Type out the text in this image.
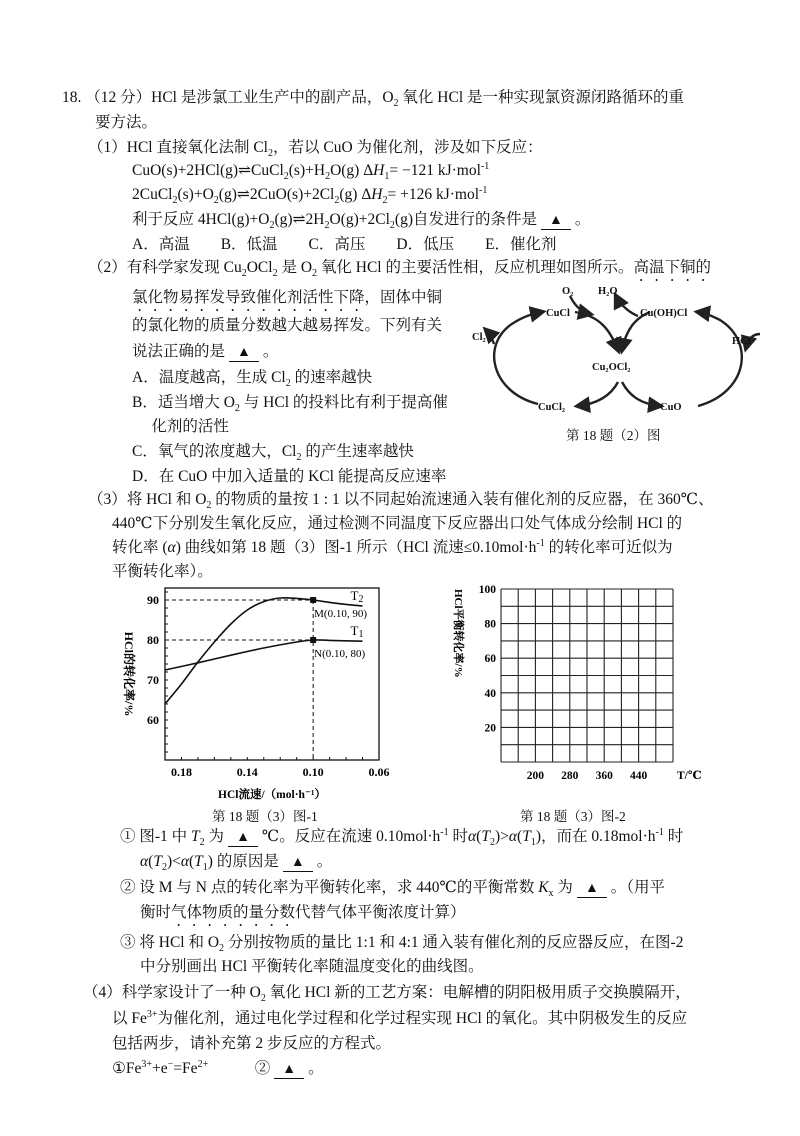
18. （12 分）HCl 是涉氯工业生产中的副产品，$O_2$ 氧化 HCl 是一种实现氯资源闭路循环的重
要方法。
（1）HCl 直接氧化法制 $Cl_2$，若以 CuO 为催化剂，涉及如下反应：
$CuO(s)+2HCl(g)\rightleftharpoons CuCl_2(s)+H_2O(g)$ $\Delta H_1= -121$ kJ·mol$^{-1}$
$2CuCl_2(s)+O_2(g)\rightleftharpoons 2CuO(s)+2Cl_2(g)$ $\Delta H_2= +126$ kJ·mol$^{-1}$
利于反应 $4HCl(g)+O_2(g)\rightleftharpoons 2H_2O(g)+2Cl_2(g)$自发进行的条件是 ▲ 。
A．高温　　B．低温　　C．高压　　D．低压　　E．催化剂
（2）有科学家发现 $Cu_2OCl_2$ 是 $O_2$ 氧化 HCl 的主要活性相，反应机理如图所示。高温下铜的
氯化物易挥发导致催化剂活性下降，固体中铜
的氯化物的质量分数越大越易挥发。下列有关
说法正确的是 ▲ 。
A．温度越高，生成 $Cl_2$ 的速率越快
B．适当增大 $O_2$ 与 HCl 的投料比有利于提高催
　 化剂的活性
C．氧气的浓度越大，$Cl_2$ 的产生速率越快
D．在 CuO 中加入适量的 KCl 能提高反应速率
（3）将 HCl 和 $O_2$ 的物质的量按 1 : 1 以不同起始流速通入装有催化剂的反应器，在 360℃、
440℃下分别发生氧化反应，通过检测不同温度下反应器出口处气体成分绘制 HCl 的
转化率 (α) 曲线如第 18 题（3）图-1 所示（HCl 流速$\le 0.10mol\cdot h^{-1}$ 的转化率可近似为
平衡转化率）。
① 图-1 中 $T_2$ 为 ▲℃。反应在流速 $0.10mol\cdot h^{-1}$ 时$\alpha(T_2)>\alpha(T_1)$，而在 $0.18mol\cdot h^{-1}$ 时
$\alpha(T_2)<\alpha(T_1)$ 的原因是 ▲ 。
② 设 M 与 N 点的转化率为平衡转化率，求 440℃的平衡常数 $K_x$ 为 ▲ 。（用平
衡时气体物质的量分数代替气体平衡浓度计算）
③ 将 HCl 和 $O_2$ 分别按物质的量比 1:1 和 4:1 通入装有催化剂的反应器反应，在图-2
中分别画出 HCl 平衡转化率随温度变化的曲线图。
（4）科学家设计了一种 $O_2$ 氧化 HCl 新的工艺方案：电解槽的阴阳极用质子交换膜隔开，
以 $Fe^{3+}$为催化剂，通过电化学过程和化学过程实现 HCl 的氧化。其中阴极发生的反应
包括两步，请补充第 2 步反应的方程式。
$①Fe^{3+}+e^-=Fe^{2+}$　　　② ▲ 。
CuCl
O₂ H₂O
Cu(OH)Cl
Cl₂	HCl
Cu₂OCl₂
CuCl₂	CuO
第 18 题（2）图
0.18	0.14	0.10	0.06
60
70
80
90
HCl流速/（mol·h⁻¹）
HCl的转化率/%
T2
T1
M(0.10, 90)
N(0.10, 80)
第 18 题（3）图-1
200 280 360 440
20
40
60
80
100
T/℃
HCl平衡转化率/%
第 18 题（3）图-2
